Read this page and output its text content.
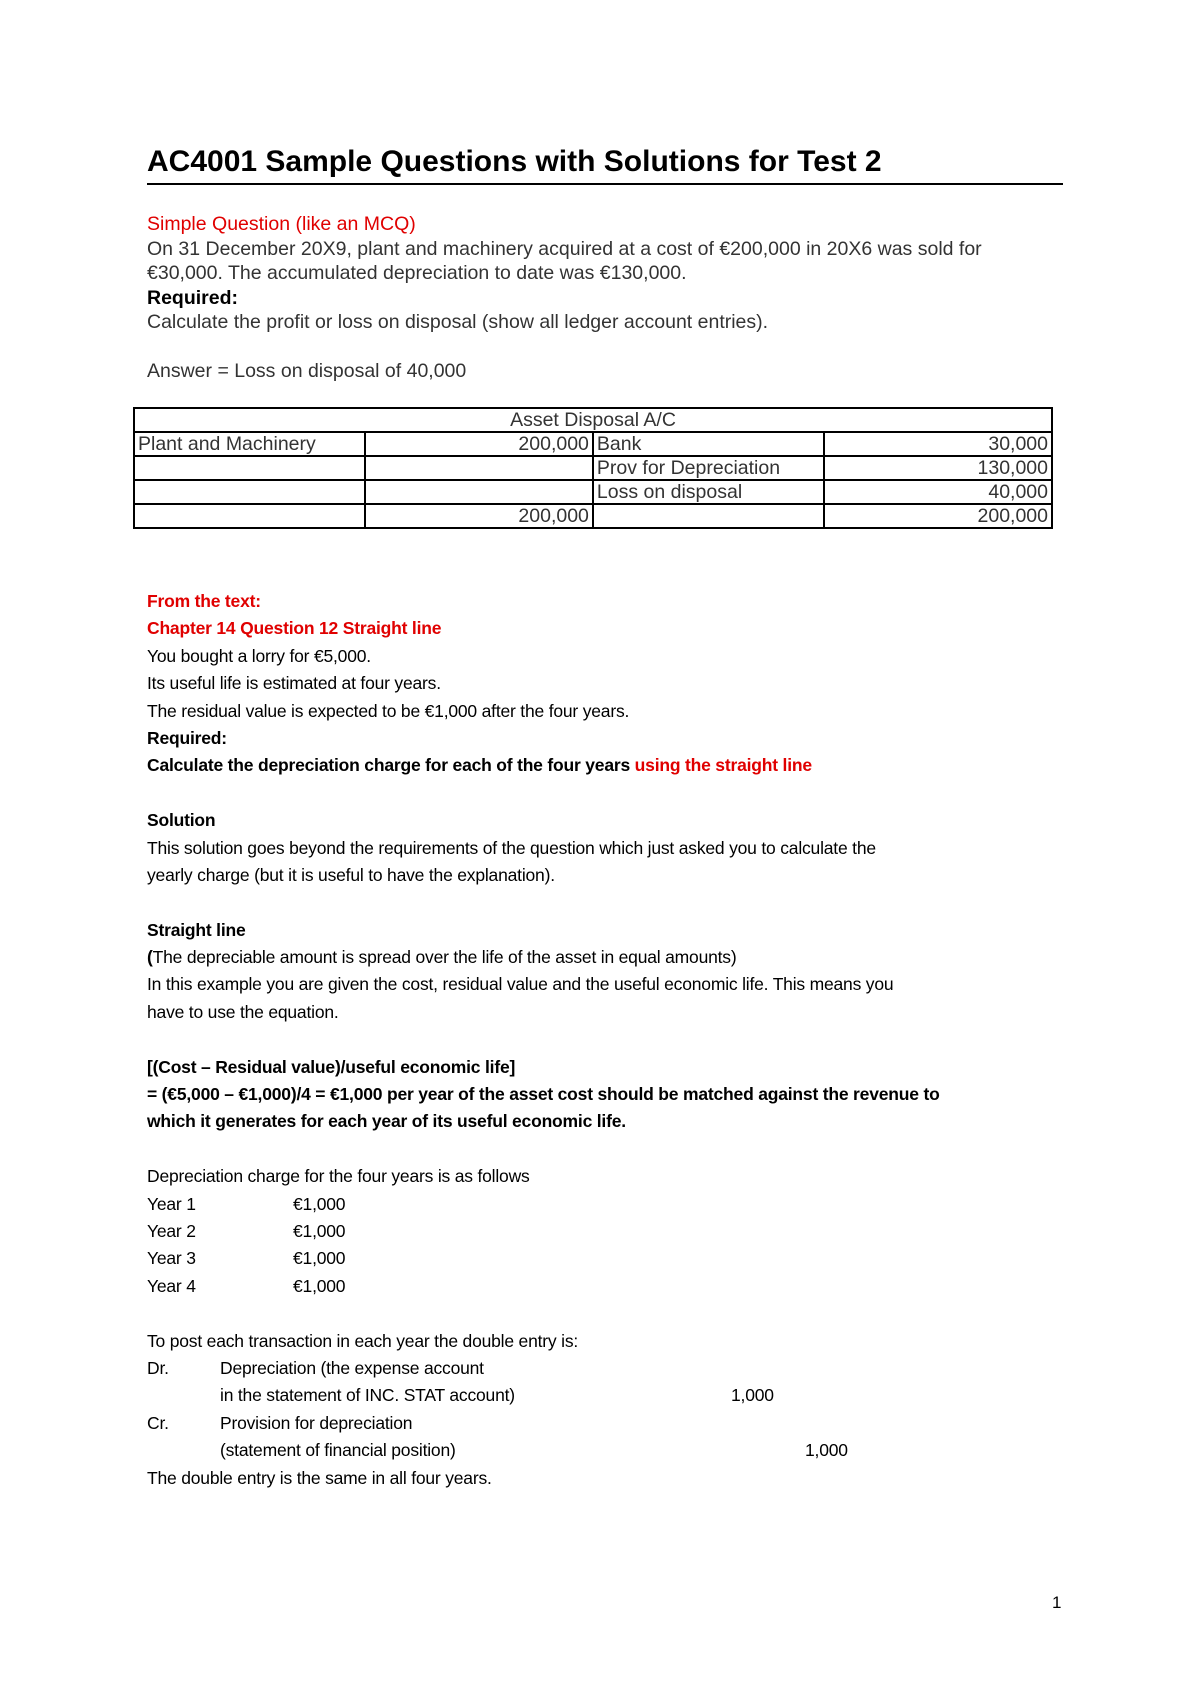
AC4001 Sample Questions with Solutions for Test 2
Simple Question (like an MCQ)
On 31 December 20X9, plant and machinery acquired at a cost of €200,000 in 20X6 was sold for
€30,000. The accumulated depreciation to date was €130,000.
Required:
Calculate the profit or loss on disposal (show all ledger account entries).
Answer = Loss on disposal of 40,000
Asset Disposal A/C			
Plant and Machinery	200,000	Bank	30,000
		Prov for Depreciation	130,000
		Loss on disposal	40,000
	200,000		200,000
From the text:
Chapter 14 Question 12 Straight line
You bought a lorry for €5,000.
Its useful life is estimated at four years.
The residual value is expected to be €1,000 after the four years.
Required:
Calculate the depreciation charge for each of the four years using the straight line
Solution
This solution goes beyond the requirements of the question which just asked you to calculate the
yearly charge (but it is useful to have the explanation).
Straight line
(The depreciable amount is spread over the life of the asset in equal amounts)
In this example you are given the cost, residual value and the useful economic life. This means you
have to use the equation.
[(Cost – Residual value)/useful economic life]
= (€5,000 – €1,000)/4 = €1,000 per year of the asset cost should be matched against the revenue to
which it generates for each year of its useful economic life.
Depreciation charge for the four years is as follows
Year 1	€1,000
Year 2	€1,000
Year 3	€1,000
Year 4	€1,000
To post each transaction in each year the double entry is:
Dr.	Depreciation (the expense account
in the statement of INC. STAT account)	1,000
Cr.	Provision for depreciation
(statement of financial position)	1,000
The double entry is the same in all four years.
1
